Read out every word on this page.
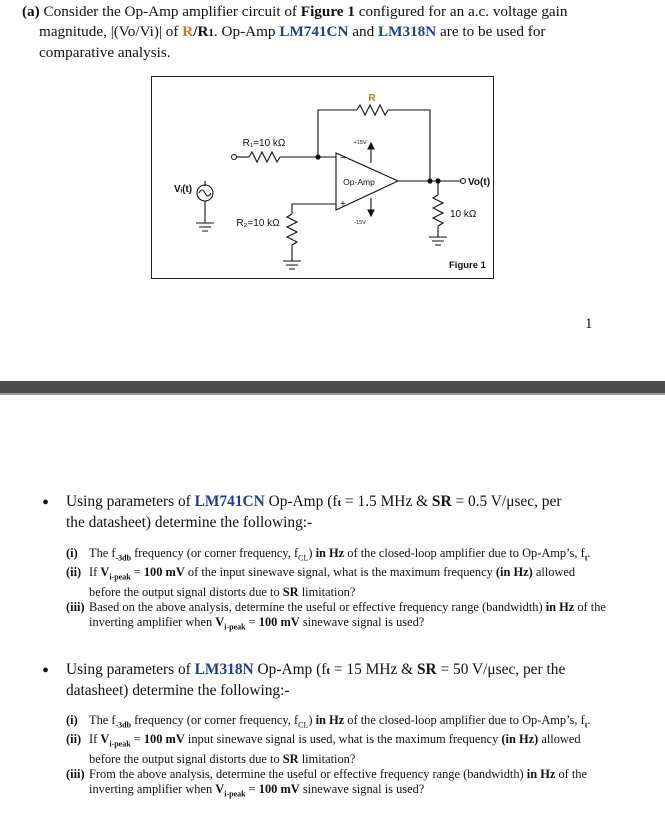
(a) Consider the Op-Amp amplifier circuit of Figure 1 configured for an a.c. voltage gain
magnitude, |(Vo/Vi)| of R/R1. Op-Amp LM741CN and LM318N are to be used for
comparative analysis.
R
R₁=10 kΩ
R₂=10 kΩ
Vᵢ(t)
Vo(t)
10 kΩ
Op-Amp
+15V
-15V
−
+
Figure 1
1
• Using parameters of LM741CN Op-Amp (ft = 1.5 MHz & SR = 0.5 V/μsec, per
the datasheet) determine the following:-
(i) The $f_{-3db}$ frequency (or corner frequency, $f_{CL}$) in Hz of the closed-loop amplifier due to Op-Amp’s, $f_t$.
(ii) If $V_{i-peak} = 100$ mV of the input sinewave signal, what is the maximum frequency (in Hz) allowed before the output signal distorts due to SR limitation?
(iii) Based on the above analysis, determine the useful or effective frequency range (bandwidth) in Hz of the inverting amplifier when $V_{i-peak} = 100$ mV sinewave signal is used?
• Using parameters of LM318N Op-Amp (ft = 15 MHz & SR = 50 V/μsec, per the
datasheet) determine the following:-
(i) The $f_{-3db}$ frequency (or corner frequency, $f_{CL}$) in Hz of the closed-loop amplifier due to Op-Amp’s, $f_t$.
(ii) If $V_{i-peak} = 100$ mV input sinewave signal is used, what is the maximum frequency (in Hz) allowed before the output signal distorts due to SR limitation?
(iii) From the above analysis, determine the useful or effective frequency range (bandwidth) in Hz of the inverting amplifier when $V_{i-peak} = 100$ mV sinewave signal is used?
